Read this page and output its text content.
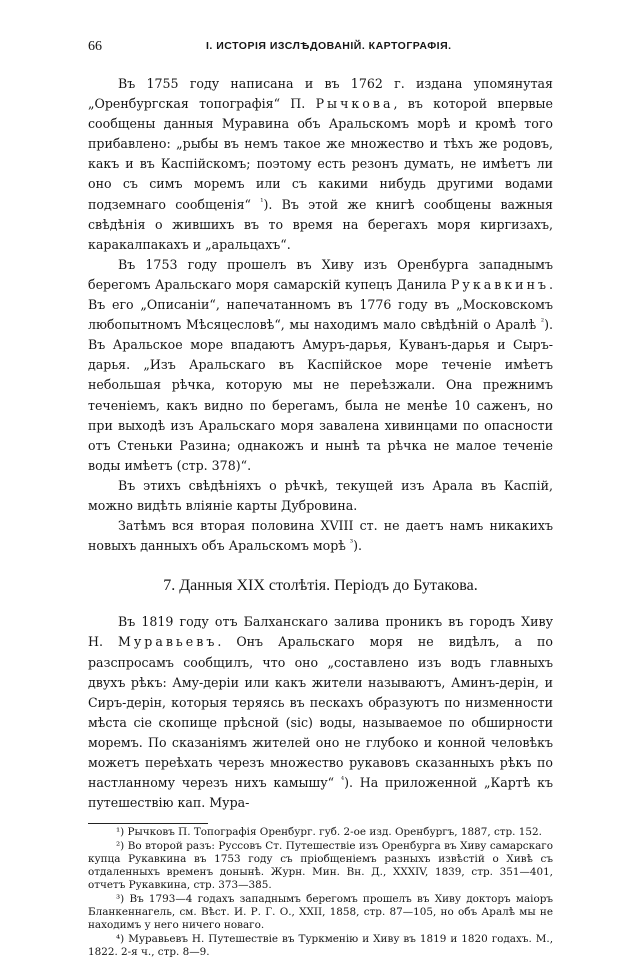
66	I. ИСТОРІЯ ИЗСЛѢДОВАНІЙ. КАРТОГРАФІЯ.

Въ 1755 году написана и въ 1762 г. издана упомянутая „Оренбургская топографія“ П. Рычкова, въ которой впервые сообщены данныя Муравина объ Аральскомъ морѣ и кромѣ того прибавлено: „рыбы въ немъ такое же множество и тѣхъ же родовъ, какъ и въ Каспійскомъ; поэтому есть резонъ думать, не имѣетъ ли оно съ симъ моремъ или съ какими нибудь другими водами подземнаго сообщенія“ $^{^1}$). Въ этой же книгѣ сообщены важныя свѣдѣнія о жившихъ въ то время на берегахъ моря киргизахъ, каракалпакахъ и „аральцахъ“.

Въ 1753 году прошелъ въ Хиву изъ Оренбурга западнымъ берегомъ Аральскаго моря самарскій купецъ Данила Рукавкинъ. Въ его „Описаніи“, напечатанномъ въ 1776 году въ „Московскомъ любопытномъ Мѣсяцесловѣ“, мы находимъ мало свѣдѣній о Аралѣ $^{^2}$). Въ Аральское море впадаютъ Амуръ-дарья, Куванъ-дарья и Сыръ-дарья. „Изъ Аральскаго въ Каспійское море теченіе имѣетъ небольшая рѣчка, которую мы не переѣзжали. Она прежнимъ теченіемъ, какъ видно по берегамъ, была не менѣе 10 саженъ, но при выходѣ изъ Аральскаго моря завалена хивинцами по опасности отъ Стеньки Разина; однакожъ и нынѣ та рѣчка не малое теченіе воды имѣетъ (стр. 378)“.

Въ этихъ свѣдѣніяхъ о рѣчкѣ, текущей изъ Арала въ Каспій, можно видѣть вліяніе карты Дубровина.

Затѣмъ вся вторая половина XVIII ст. не даетъ намъ никакихъ новыхъ данныхъ объ Аральскомъ морѣ $^{^3}$).

7. Данныя XIX столѣтія. Періодъ до Бутакова.

Въ 1819 году отъ Балханскаго залива проникъ въ городъ Хиву Н. Муравьевъ. Онъ Аральскаго моря не видѣлъ, а по разспросамъ сообщилъ, что оно „составлено изъ водъ главныхъ двухъ рѣкъ: Аму-деріи или какъ жители называютъ, Аминъ-дерін, и Сиръ-дерін, которыя теряясь въ пескахъ образуютъ по низменности мѣста сіе скопище прѣсной (sic) воды, называемое по обширности моремъ. По сказаніямъ жителей оно не глубоко и конной человѣкъ можетъ переѣхать черезъ множество рукавовъ сказанныхъ рѣкъ по настланному черезъ нихъ камышу“ $^{^4}$). На приложенной „Картѣ къ путешествію кап. Мура-

¹) Рычковъ П. Топографія Оренбург. губ. 2-ое изд. Оренбургъ, 1887, стр. 152.

²) Во второй разъ: Руссовъ Ст. Путешествіе изъ Оренбурга въ Хиву самарскаго купца Рукавкина въ 1753 году съ пріобщеніемъ разныхъ извѣстій о Хивѣ съ отдаленныхъ временъ донынѣ. Журн. Мин. Вн. Д., XXXIV, 1839, стр. 351—401, отчетъ Рукавкина, стр. 373—385.

³) Въ 1793—4 годахъ западнымъ берегомъ прошелъ въ Хиву докторъ маіоръ Бланкеннагель, см. Вѣст. И. Р. Г. О., XXII, 1858, стр. 87—105, но объ Аралѣ мы не находимъ у него ничего новаго.

⁴) Муравьевъ Н. Путешествіе въ Туркменію и Хиву въ 1819 и 1820 годахъ. М., 1822. 2-я ч., стр. 8—9.
